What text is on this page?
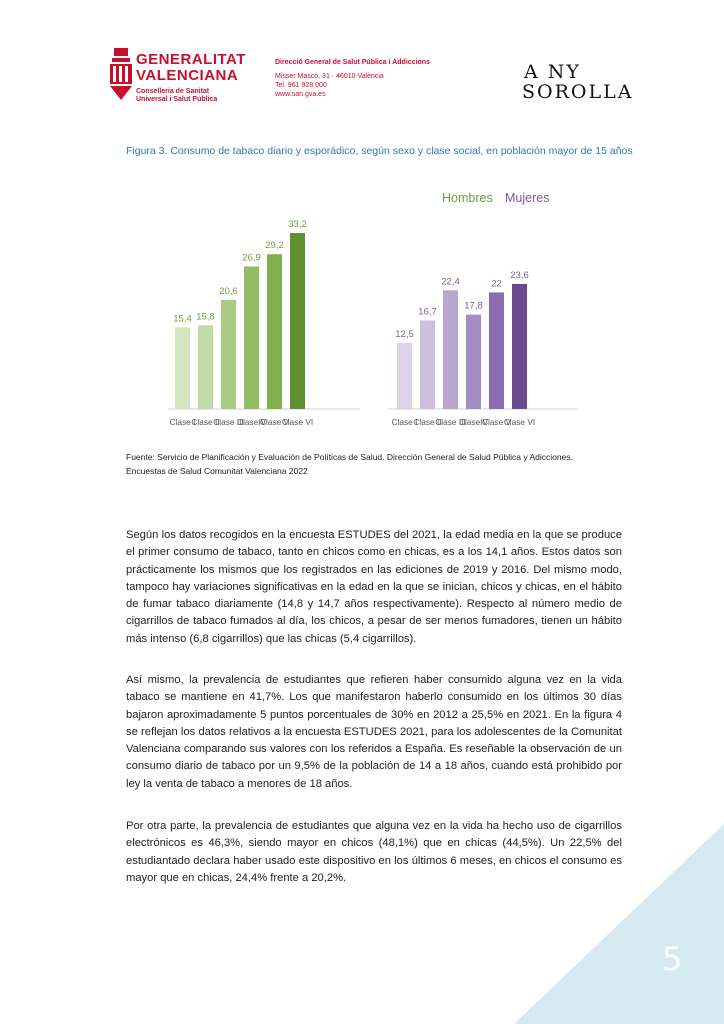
GENERALITAT
VALENCIANA
Conselleria de Sanitat
Universal i Salut Pública
Direcció General de Salut Pública i Addiccions
Misser Mascó, 31 · 46010 València
Tel. 961 928 000
www.san.gva.es
A NY
SOROLLA
Figura 3. Consumo de tabaco diario y esporádico, según sexo y clase social, en población mayor de 15 años
Hombres Mujeres
15,4
Clase I
15,8
Clase II
20,6
Clase III
26,9
ClaseIV
29,2
Clase V
33,2
Clase VI
12,5
Clase I
16,7
Clase II
22,4
Clase III
17,8
ClaseIV
22
Clase V
23,6
Clase VI
Fuente: Servicio de Planificación y Evaluación de Políticas de Salud. Dirección General de Salud Pública y Adicciones.
Encuestas de Salud Comunitat Valenciana 2022

Según los datos recogidos en la encuesta ESTUDES del 2021, la edad media en la que se produce el primer consumo de tabaco, tanto en chicos como en chicas, es a los 14,1 años. Estos datos son prácticamente los mismos que los registrados en las ediciones de 2019 y 2016. Del mismo modo, tampoco hay variaciones significativas en la edad en la que se inician, chicos y chicas, en el hábito de fumar tabaco diariamente (14,8 y 14,7 años respectivamente). Respecto al número medio de cigarrillos de tabaco fumados al día, los chicos, a pesar de ser menos fumadores, tienen un hábito más intenso (6,8 cigarrillos) que las chicas (5,4 cigarrillos).

Así mismo, la prevalencia de estudiantes que refieren haber consumido alguna vez en la vida tabaco se mantiene en 41,7%. Los que manifestaron haberlo consumido en los últimos 30 días bajaron aproximadamente 5 puntos porcentuales de 30% en 2012 a 25,5% en 2021. En la figura 4 se reflejan los datos relativos a la encuesta ESTUDES 2021, para los adolescentes de la Comunitat Valenciana comparando sus valores con los referidos a España. Es reseñable la observación de un consumo diario de tabaco por un 9,5% de la población de 14 a 18 años, cuando está prohibido por ley la venta de tabaco a menores de 18 años.

Por otra parte, la prevalencia de estudiantes que alguna vez en la vida ha hecho uso de cigarrillos electrónicos es 46,3%, siendo mayor en chicos (48,1%) que en chicas (44,5%). Un 22,5% del estudiantado declara haber usado este dispositivo en los últimos 6 meses, en chicos el consumo es mayor que en chicas, 24,4% frente a 20,2%.

5
